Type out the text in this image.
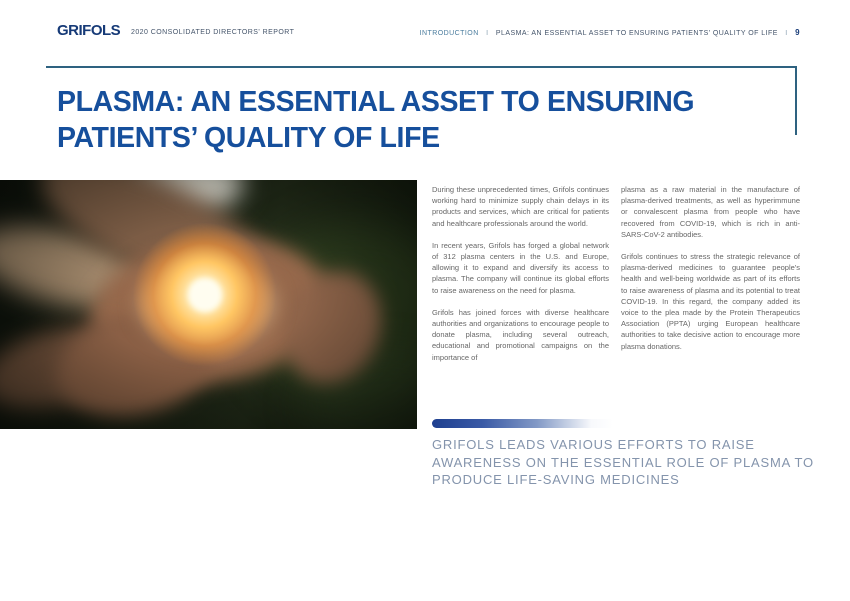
GRIFOLS 2020 CONSOLIDATED DIRECTORS' REPORT	INTRODUCTION I PLASMA: AN ESSENTIAL ASSET TO ENSURING PATIENTS' QUALITY OF LIFE I 9
PLASMA: AN ESSENTIAL ASSET TO ENSURING PATIENTS’ QUALITY OF LIFE

During these unprecedented times, Grifols continues working hard to minimize supply chain delays in its products and services, which are critical for patients and healthcare professionals around the world.

In recent years, Grifols has forged a global network of 312 plasma centers in the U.S. and Europe, allowing it to expand and diversify its access to plasma. The company will continue its global efforts to raise awareness on the need for plasma.

Grifols has joined forces with diverse healthcare authorities and organizations to encourage people to donate plasma, including several outreach, educational and promotional campaigns on the importance of

plasma as a raw material in the manufacture of plasma-derived treatments, as well as hyperimmune or convalescent plasma from people who have recovered from COVID-19, which is rich in anti-SARS-CoV-2 antibodies.

Grifols continues to stress the strategic relevance of plasma-derived medicines to guarantee people's health and well-being worldwide as part of its efforts to raise awareness of plasma and its potential to treat COVID-19. In this regard, the company added its voice to the plea made by the Protein Therapeutics Association (PPTA) urging European healthcare authorities to take decisive action to encourage more plasma donations.

GRIFOLS LEADS VARIOUS EFFORTS TO RAISE AWARENESS ON THE ESSENTIAL ROLE OF PLASMA TO PRODUCE LIFE-SAVING MEDICINES
